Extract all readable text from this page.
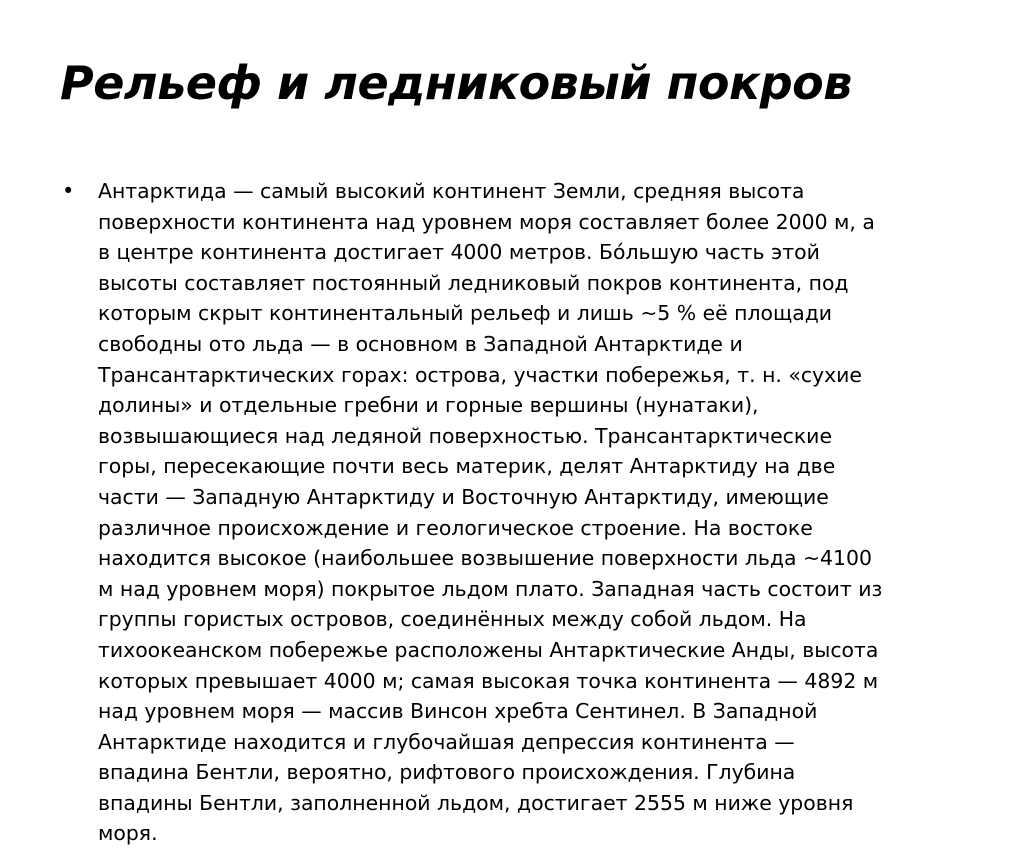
Рельеф и ледниковый покров
•	Антарктида — самый высокий континент Земли, средняя высота поверхности континента над уровнем моря составляет более 2000 м, а в центре континента достигает 4000 метров. Бо́льшую часть этой высоты составляет постоянный ледниковый покров континента, под которым скрыт континентальный рельеф и лишь ~5 % её площади свободны ото льда — в основном в Западной Антарктиде и Трансантарктических горах: острова, участки побережья, т. н. «сухие долины» и отдельные гребни и горные вершины (нунатаки), возвышающиеся над ледяной поверхностью. Трансантарктические горы, пересекающие почти весь материк, делят Антарктиду на две части — Западную Антарктиду и Восточную Антарктиду, имеющие различное происхождение и геологическое строение. На востоке находится высокое (наибольшее возвышение поверхности льда ~4100 м над уровнем моря) покрытое льдом плато. Западная часть состоит из группы гористых островов, соединённых между собой льдом. На тихоокеанском побережье расположены Антарктические Анды, высота которых превышает 4000 м; самая высокая точка континента — 4892 м над уровнем моря — массив Винсон хребта Сентинел. В Западной Антарктиде находится и глубочайшая депрессия континента — впадина Бентли, вероятно, рифтового происхождения. Глубина впадины Бентли, заполненной льдом, достигает 2555 м ниже уровня моря.
